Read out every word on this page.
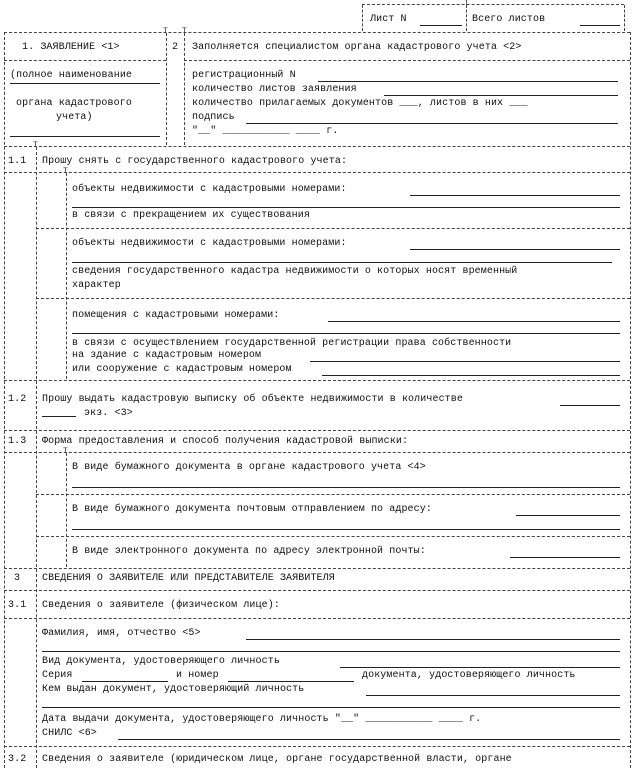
T
Лист N	Всего листов
T T
1. ЗАЯВЛЕНИЕ <1>
(полное наименование
органа кадастрового
учета)
2 Заполняется специалистом органа кадастрового учета <2>
регистрационный N
количество листов заявления
количество прилагаемых документов ___, листов в них ___
подпись
"__" ___________ ____ г.
T
1.1 Прошу снять с государственного кадастрового учета:
T
объекты недвижимости с кадастровыми номерами:
в связи с прекращением их существования
объекты недвижимости с кадастровыми номерами:
сведения государственного кадастра недвижимости о которых носят временный
характер
помещения с кадастровыми номерами:
в связи с осуществлением государственной регистрации права собственности
на здание с кадастровым номером
или сооружение с кадастровым номером
1.2 Прошу выдать кадастровую выписку об объекте недвижимости в количестве
экз. <3>
1.3 Форма предоставления и способ получения кадастровой выписки:
T
В виде бумажного документа в органе кадастрового учета <4>
В виде бумажного документа почтовым отправлением по адресу:
В виде электронного документа по адресу электронной почты:
3 СВЕДЕНИЯ О ЗАЯВИТЕЛЕ ИЛИ ПРЕДСТАВИТЕЛЕ ЗАЯВИТЕЛЯ
3.1 Сведения о заявителе (физическом лице):
Фамилия, имя, отчество <5>
Вид документа, удостоверяющего личность
Серия	и номер	документа, удостоверяющего личность
Кем выдан документ, удостоверяющий личность
Дата выдачи документа, удостоверяющего личность "__" ___________ ____ г.
СНИЛС <6>
3.2 Сведения о заявителе (юридическом лице, органе государственной власти, органе
